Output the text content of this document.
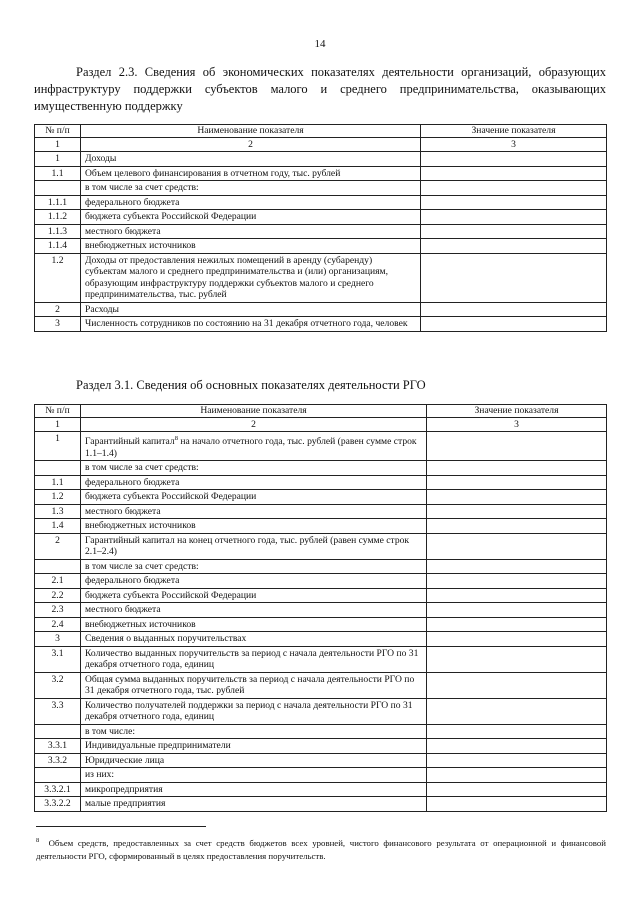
14
Раздел 2.3. Сведения об экономических показателях деятельности организаций, образующих инфраструктуру поддержки субъектов малого и среднего предпринимательства, оказывающих имущественную поддержку
№ п/п	Наименование показателя	Значение показателя
1	2	3
1	Доходы	
1.1	Объем целевого финансирования в отчетном году, тыс. рублей	
	в том числе за счет средств:	
1.1.1	федерального бюджета	
1.1.2	бюджета субъекта Российской Федерации	
1.1.3	местного бюджета	
1.1.4	внебюджетных источников	
1.2	Доходы от предоставления нежилых помещений в аренду (субаренду) субъектам малого и среднего предпринимательства и (или) организациям, образующим инфраструктуру поддержки субъектов малого и среднего предпринимательства, тыс. рублей	
2	Расходы	
3	Численность сотрудников по состоянию на 31 декабря отчетного года, человек	
Раздел 3.1. Сведения об основных показателях деятельности РГО
№ п/п	Наименование показателя	Значение показателя
1	2	3
1	Гарантийный капитал$^8$ на начало отчетного года, тыс. рублей (равен сумме строк 1.1–1.4)	
	в том числе за счет средств:	
1.1	федерального бюджета	
1.2	бюджета субъекта Российской Федерации	
1.3	местного бюджета	
1.4	внебюджетных источников	
2	Гарантийный капитал на конец отчетного года, тыс. рублей (равен сумме строк 2.1–2.4)	
	в том числе за счет средств:	
2.1	федерального бюджета	
2.2	бюджета субъекта Российской Федерации	
2.3	местного бюджета	
2.4	внебюджетных источников	
3	Сведения о выданных поручительствах	
3.1	Количество выданных поручительств за период с начала деятельности РГО по 31 декабря отчетного года, единиц	
3.2	Общая сумма выданных поручительств за период с начала деятельности РГО по 31 декабря отчетного года, тыс. рублей	
3.3	Количество получателей поддержки за период с начала деятельности РГО по 31 декабря отчетного года, единиц	
	в том числе:	
3.3.1	Индивидуальные предприниматели	
3.3.2	Юридические лица	
	из них:	
3.3.2.1	микропредприятия	
3.3.2.2	малые предприятия	
$^8$ Объем средств, предоставленных за счет средств бюджетов всех уровней, чистого финансового результата от операционной и финансовой деятельности РГО, сформированный в целях предоставления поручительств.
